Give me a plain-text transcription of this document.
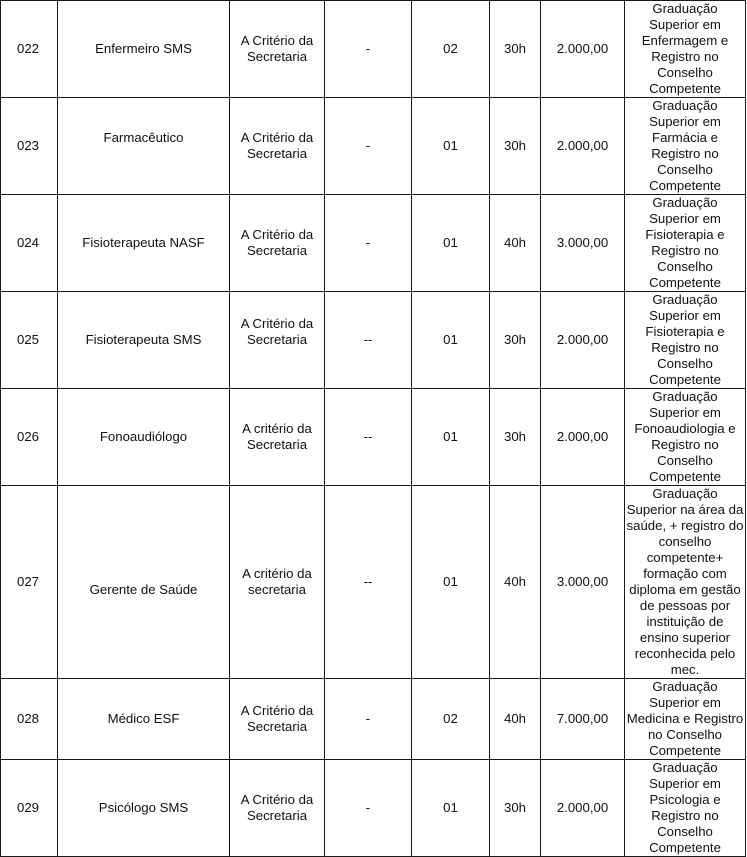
022	Enfermeiro SMS	A Critério da Secretaria	-	02	30h	2.000,00	Graduação Superior em Enfermagem e Registro no Conselho Competente
023	Farmacêutico	A Critério da Secretaria	-	01	30h	2.000,00	Graduação Superior em Farmácia e Registro no Conselho Competente
024	Fisioterapeuta NASF	A Critério da Secretaria	-	01	40h	3.000,00	Graduação Superior em Fisioterapia e Registro no Conselho Competente
025	Fisioterapeuta SMS	A Critério da Secretaria	--	01	30h	2.000,00	Graduação Superior em Fisioterapia e Registro no Conselho Competente
026	Fonoaudiólogo	A critério da Secretaria	--	01	30h	2.000,00	Graduação Superior em Fonoaudiologia e Registro no Conselho Competente
027	Gerente de Saúde	A critério da secretaria	--	01	40h	3.000,00	Graduação Superior na área da saúde, + registro do conselho competente+ formação com diploma em gestão de pessoas por instituição de ensino superior reconhecida pelo mec.
028	Médico ESF	A Critério da Secretaria	-	02	40h	7.000,00	Graduação Superior em Medicina e Registro no Conselho Competente
029	Psicólogo SMS	A Critério da Secretaria	-	01	30h	2.000,00	Graduação Superior em Psicologia e Registro no Conselho Competente
